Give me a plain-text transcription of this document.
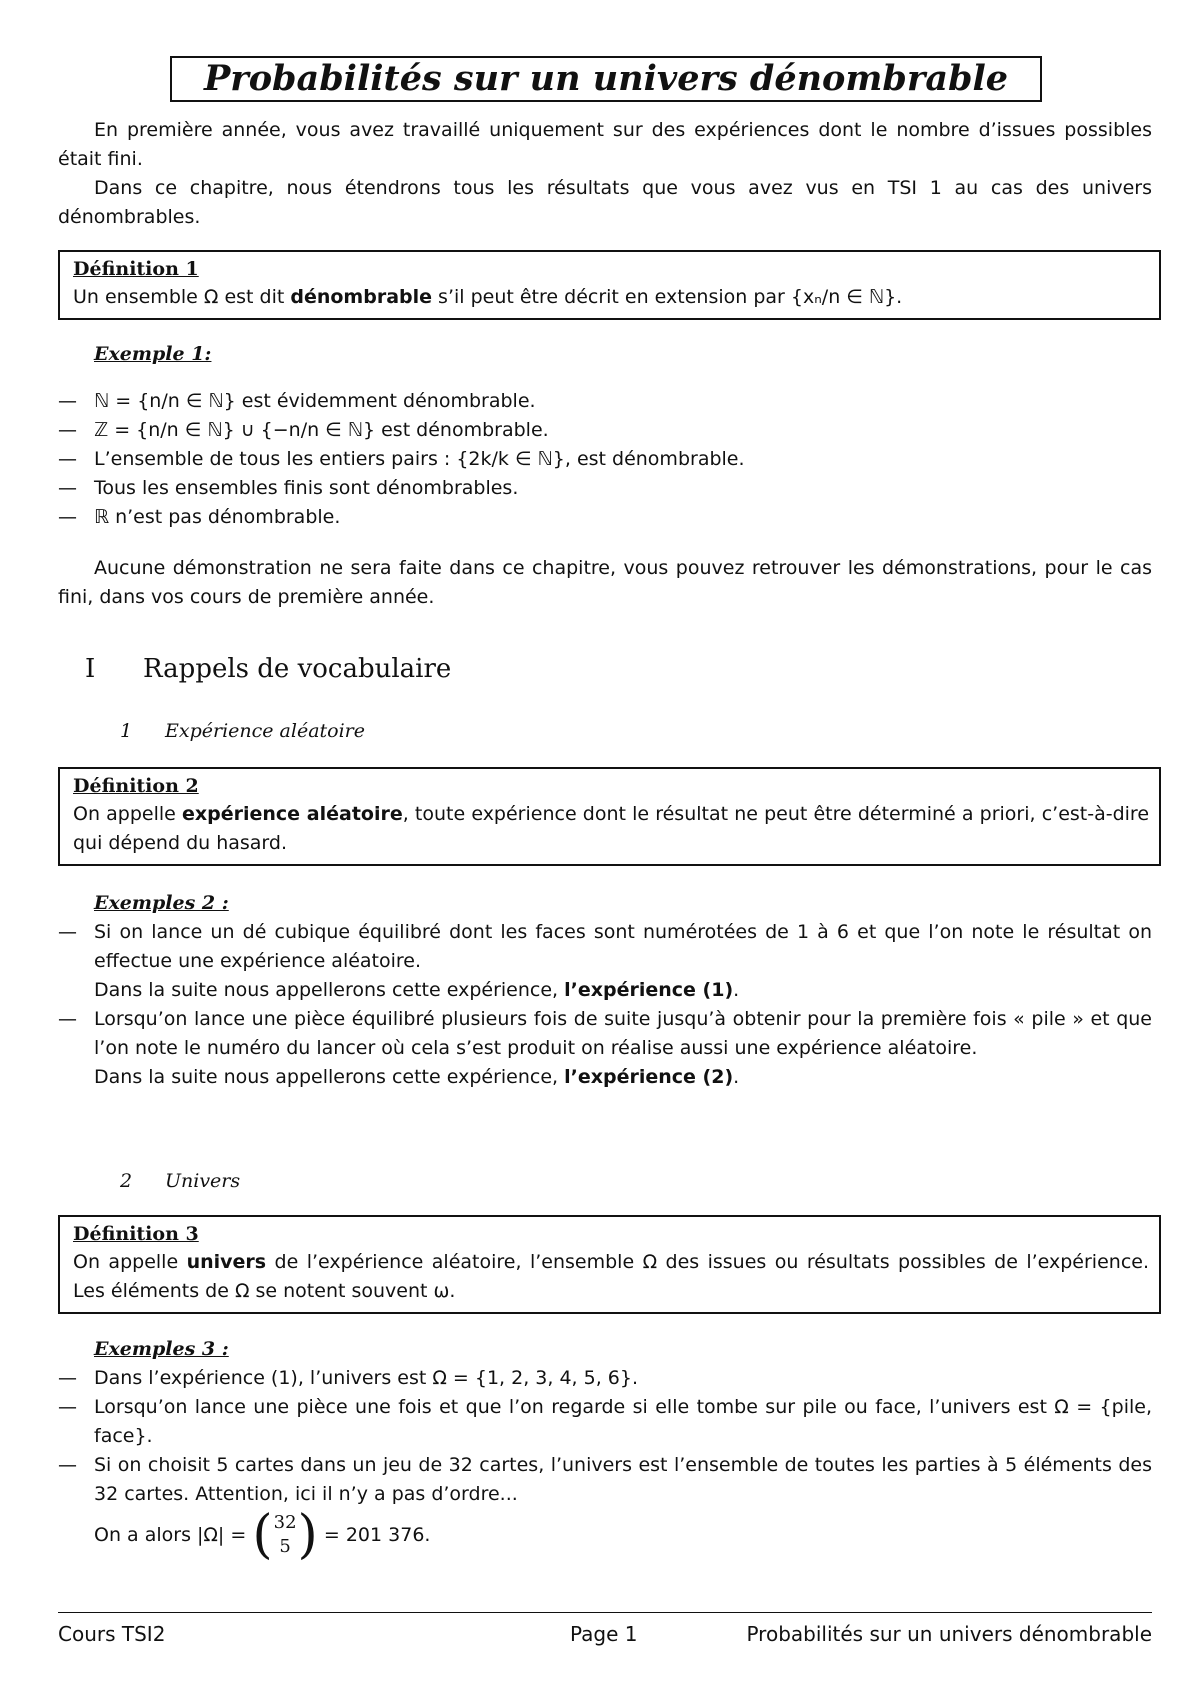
Probabilités sur un univers dénombrable

En première année, vous avez travaillé uniquement sur des expériences dont le nombre d’issues possibles était fini.

Dans ce chapitre, nous étendrons tous les résultats que vous avez vus en TSI 1 au cas des univers dénombrables.

Définition 1

Un ensemble Ω est dit dénombrable s’il peut être décrit en extension par {xₙ/n ∈ ℕ}.

Exemple 1:
— ℕ = {n/n ∈ ℕ} est évidemment dénombrable.
— ℤ = {n/n ∈ ℕ} ∪ {−n/n ∈ ℕ} est dénombrable.
— L’ensemble de tous les entiers pairs : {2k/k ∈ ℕ}, est dénombrable.
— Tous les ensembles finis sont dénombrables.
— ℝ n’est pas dénombrable.

Aucune démonstration ne sera faite dans ce chapitre, vous pouvez retrouver les démonstrations, pour le cas fini, dans vos cours de première année.

I Rappels de vocabulaire
1 Expérience aléatoire
Définition 2

On appelle expérience aléatoire, toute expérience dont le résultat ne peut être déterminé a priori, c’est-à-dire qui dépend du hasard.

Exemples 2 :
— Si on lance un dé cubique équilibré dont les faces sont numérotées de 1 à 6 et que l’on note le résultat on effectue une expérience aléatoire.
Dans la suite nous appellerons cette expérience, l’expérience (1).
— Lorsqu’on lance une pièce équilibré plusieurs fois de suite jusqu’à obtenir pour la première fois « pile » et que l’on note le numéro du lancer où cela s’est produit on réalise aussi une expérience aléatoire.
Dans la suite nous appellerons cette expérience, l’expérience (2).
2 Univers
Définition 3

On appelle univers de l’expérience aléatoire, l’ensemble Ω des issues ou résultats possibles de l’expérience. Les éléments de Ω se notent souvent ω.

Exemples 3 :
— Dans l’expérience (1), l’univers est Ω = {1, 2, 3, 4, 5, 6}.
— Lorsqu’on lance une pièce une fois et que l’on regarde si elle tombe sur pile ou face, l’univers est Ω = {pile, face}.
— Si on choisit 5 cartes dans un jeu de 32 cartes, l’univers est l’ensemble de toutes les parties à 5 éléments des 32 cartes. Attention, ici il n’y a pas d’ordre...
On a alors |Ω| = ( 32
5 ) = 201 376.
Cours TSI2	Page 1	Probabilités sur un univers dénombrable
